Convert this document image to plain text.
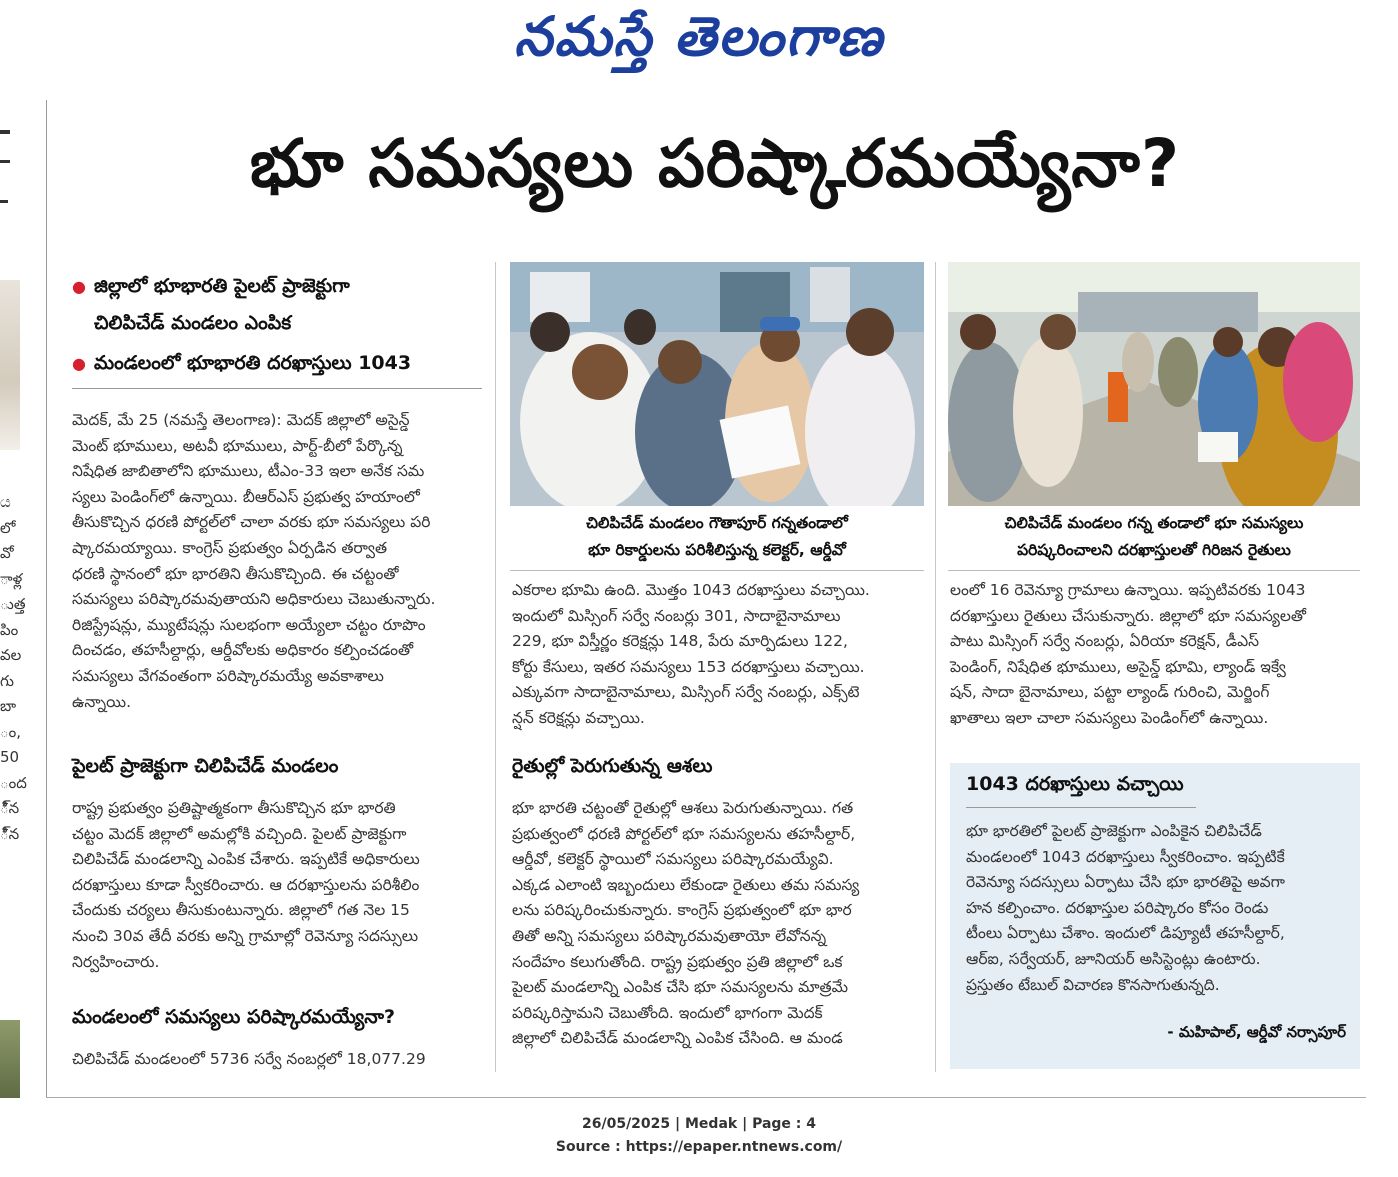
నమస్తే తెలంగాణ
ය
లో
వో
ాళ్ల
ుత్త
పిం
వల
గు
బా
ం,
50
ంద
ి్న
ి్న
భూ సమస్యలు పరిష్కారమయ్యేనా?
● జిల్లాలో భూభారతి పైలట్ ప్రాజెక్టుగా
చిలిపిచేడ్ మండలం ఎంపిక
● మండలంలో భూభారతి దరఖాస్తులు 1043
మెదక్, మే 25 (నమస్తే తెలంగాణ): మెదక్ జిల్లాలో అసైన్డ్
మెంట్ భూములు, అటవీ భూములు, పార్ట్-బీలో పేర్కొన్న
నిషేధిత జాబితాలోని భూములు, టీఎం-33 ఇలా అనేక సమ
స్యలు పెండింగ్‌లో ఉన్నాయి. బీఆర్‌ఎస్ ప్రభుత్వ హయాంలో
తీసుకొచ్చిన ధరణి పోర్టల్‌లో చాలా వరకు భూ సమస్యలు పరి
ష్కారమయ్యాయి. కాంగ్రెస్ ప్రభుత్వం ఏర్పడిన తర్వాత
ధరణి స్థానంలో భూ భారతిని తీసుకొచ్చింది. ఈ చట్టంతో
సమస్యలు పరిష్కారమవుతాయని అధికారులు చెబుతున్నారు.
రిజిస్ట్రేషన్లు, మ్యుటేషన్లు సులభంగా అయ్యేలా చట్టం రూపొం
దించడం, తహసీల్దార్లు, ఆర్డీవోలకు అధికారం కల్పించడంతో
సమస్యలు వేగవంతంగా పరిష్కారమయ్యే అవకాశాలు
ఉన్నాయి.
పైలట్ ప్రాజెక్టుగా చిలిపిచేడ్ మండలం
రాష్ట్ర ప్రభుత్వం ప్రతిష్టాత్మకంగా తీసుకొచ్చిన భూ భారతి
చట్టం మెదక్ జిల్లాలో అమల్లోకి వచ్చింది. పైలట్ ప్రాజెక్టుగా
చిలిపిచేడ్ మండలాన్ని ఎంపిక చేశారు. ఇప్పటికే అధికారులు
దరఖాస్తులు కూడా స్వీకరించారు. ఆ దరఖాస్తులను పరిశీలిం
చేందుకు చర్యలు తీసుకుంటున్నారు. జిల్లాలో గత నెల 15
నుంచి 30వ తేదీ వరకు అన్ని గ్రామాల్లో రెవెన్యూ సదస్సులు
నిర్వహించారు.
మండలంలో సమస్యలు పరిష్కారమయ్యేనా?
చిలిపిచేడ్ మండలంలో 5736 సర్వే నంబర్లలో 18,077.29
చిలిపిచేడ్ మండలం గౌతాపూర్ గన్నతండాలో
భూ రికార్డులను పరిశీలిస్తున్న కలెక్టర్, ఆర్డీవో
చిలిపిచేడ్ మండలం గన్న తండాలో భూ సమస్యలు
పరిష్కరించాలని దరఖాస్తులతో గిరిజన రైతులు
ఎకరాల భూమి ఉంది. మొత్తం 1043 దరఖాస్తులు వచ్చాయి.
ఇందులో మిస్సింగ్ సర్వే నంబర్లు 301, సాదాబైనామాలు
229, భూ విస్తీర్ణం కరెక్షన్లు 148, పేరు మార్పిడులు 122,
కోర్టు కేసులు, ఇతర సమస్యలు 153 దరఖాస్తులు వచ్చాయి.
ఎక్కువగా సాదాబైనామాలు, మిస్సింగ్ సర్వే నంబర్లు, ఎక్స్‌టె
న్షన్ కరెక్షన్లు వచ్చాయి.
రైతుల్లో పెరుగుతున్న ఆశలు
భూ భారతి చట్టంతో రైతుల్లో ఆశలు పెరుగుతున్నాయి. గత
ప్రభుత్వంలో ధరణి పోర్టల్‌లో భూ సమస్యలను తహసీల్దార్,
ఆర్డీవో, కలెక్టర్ స్థాయిలో సమస్యలు పరిష్కారమయ్యేవి.
ఎక్కడ ఎలాంటి ఇబ్బందులు లేకుండా రైతులు తమ సమస్య
లను పరిష్కరించుకున్నారు. కాంగ్రెస్ ప్రభుత్వంలో భూ భార
తితో అన్ని సమస్యలు పరిష్కారమవుతాయో లేవోనన్న
సందేహం కలుగుతోంది. రాష్ట్ర ప్రభుత్వం ప్రతి జిల్లాలో ఒక
పైలట్ మండలాన్ని ఎంపిక చేసి భూ సమస్యలను మాత్రమే
పరిష్కరిస్తామని చెబుతోంది. ఇందులో భాగంగా మెదక్
జిల్లాలో చిలిపిచేడ్ మండలాన్ని ఎంపిక చేసింది. ఆ మండ
లంలో 16 రెవెన్యూ గ్రామాలు ఉన్నాయి. ఇప్పటివరకు 1043
దరఖాస్తులు రైతులు చేసుకున్నారు. జిల్లాలో భూ సమస్యలతో
పాటు మిస్సింగ్ సర్వే నంబర్లు, ఏరియా కరెక్షన్, డీఎస్
పెండింగ్, నిషేధిత భూములు, అసైన్డ్ భూమి, ల్యాండ్ ఇక్వే
షన్, సాదా బైనామాలు, పట్టా ల్యాండ్ గురించి, మెర్జింగ్
ఖాతాలు ఇలా చాలా సమస్యలు పెండింగ్‌లో ఉన్నాయి.
1043 దరఖాస్తులు వచ్చాయి
భూ భారతిలో పైలట్ ప్రాజెక్టుగా ఎంపికైన చిలిపిచేడ్
మండలంలో 1043 దరఖాస్తులు స్వీకరించాం. ఇప్పటికే
రెవెన్యూ సదస్సులు ఏర్పాటు చేసి భూ భారతిపై అవగా
హన కల్పించాం. దరఖాస్తుల పరిష్కారం కోసం రెండు
టీంలు ఏర్పాటు చేశాం. ఇందులో డిప్యూటీ తహసీల్దార్,
ఆర్ఐ, సర్వేయర్, జూనియర్ అసిస్టెంట్లు ఉంటారు.
ప్రస్తుతం టేబుల్ విచారణ కొనసాగుతున్నది.
- మహిపాల్, ఆర్డీవో నర్సాపూర్
26/05/2025 | Medak | Page : 4
Source : https://epaper.ntnews.com/
